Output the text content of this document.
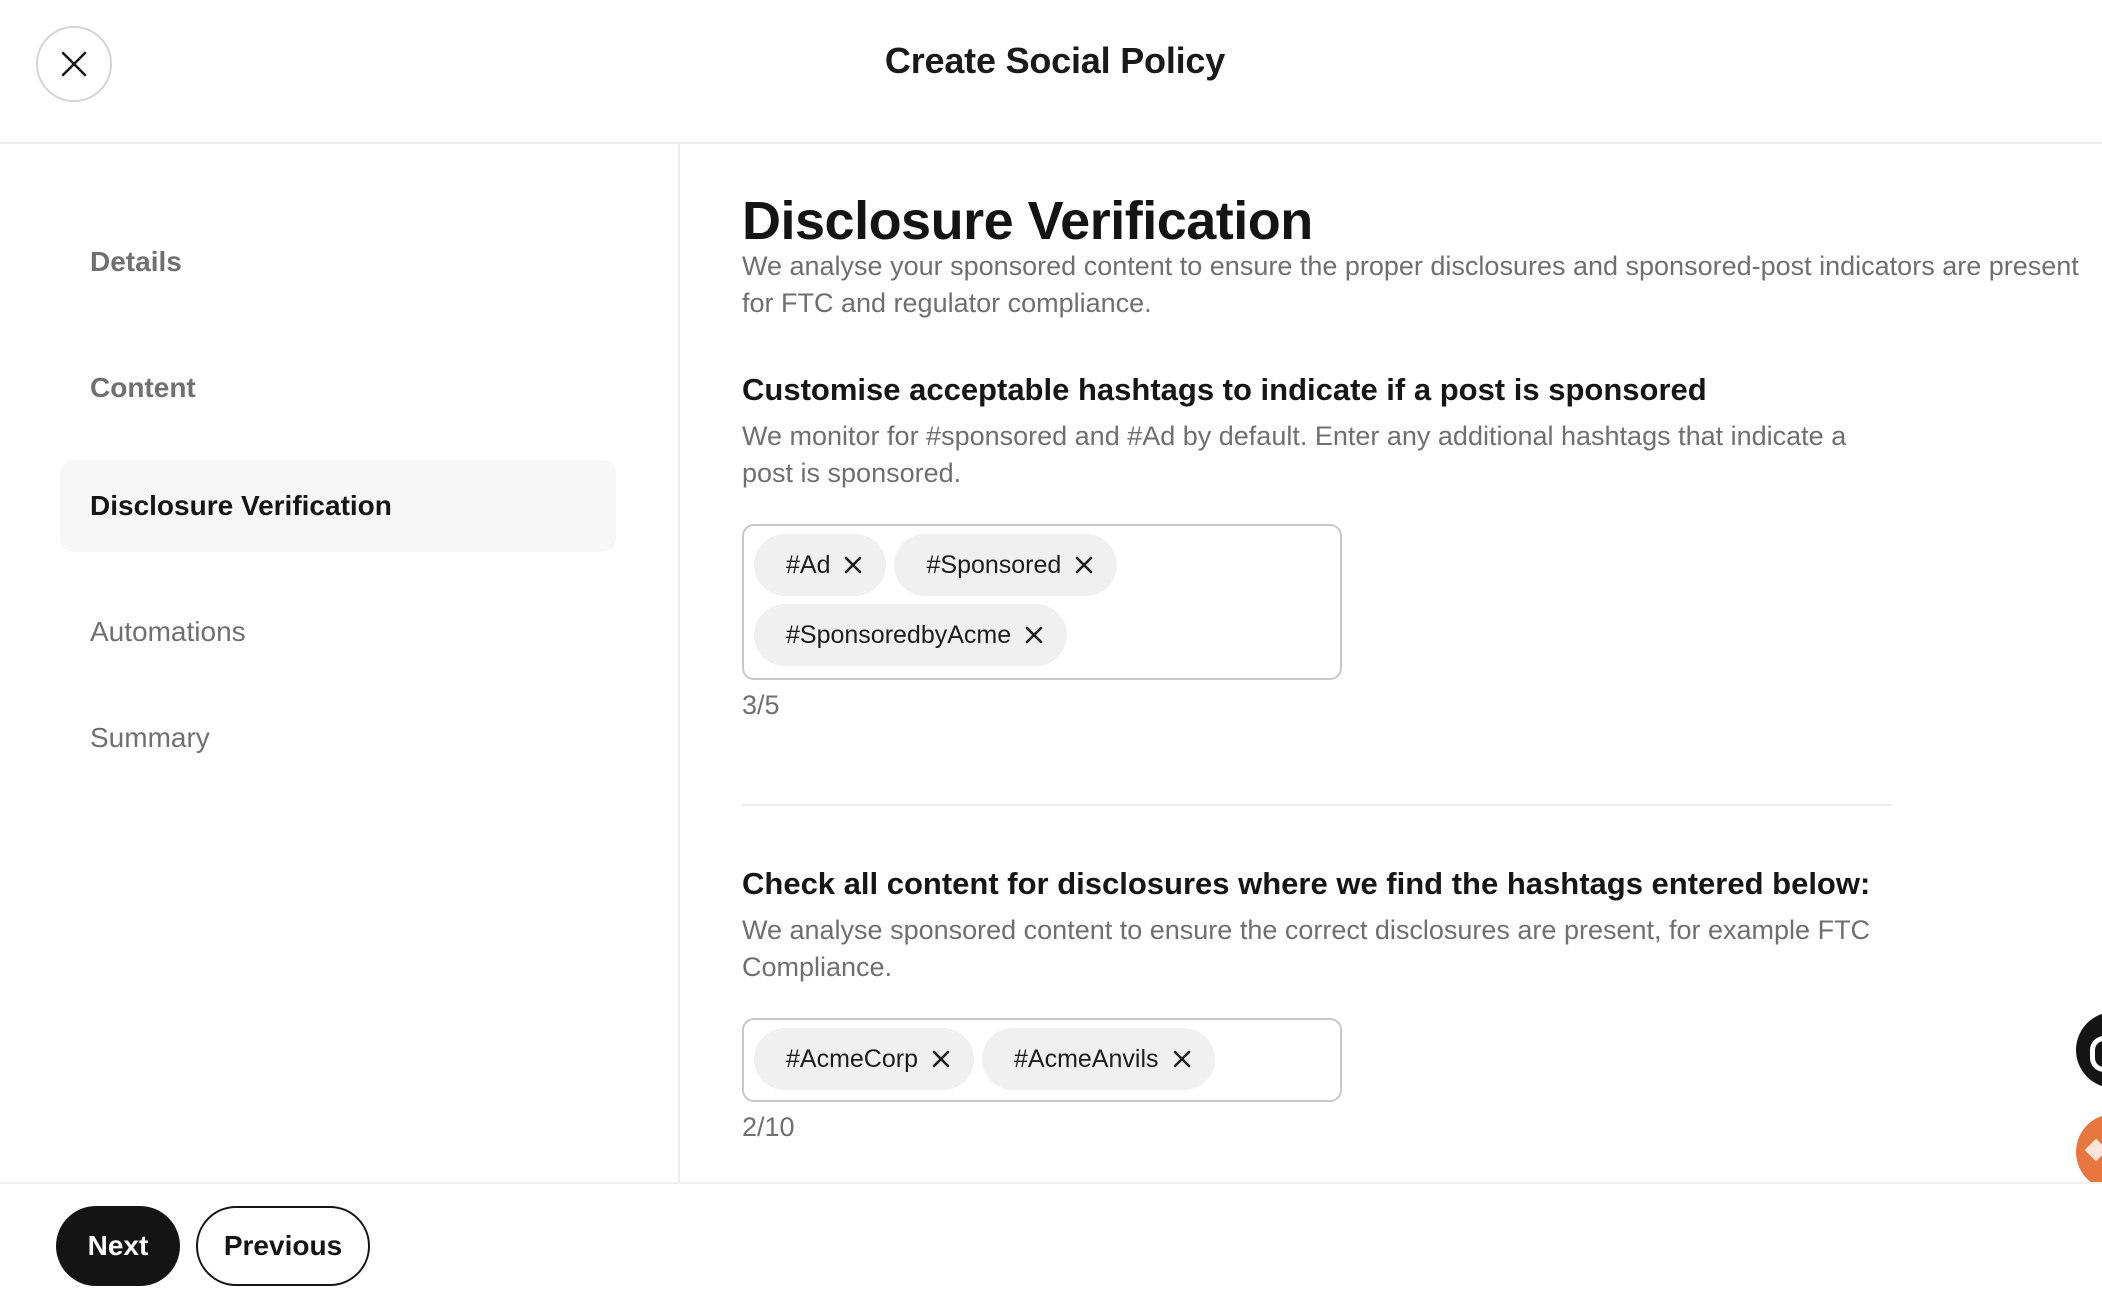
Create Social Policy
Details
Content
Disclosure Verification
Automations
Summary
Disclosure Verification
We analyse your sponsored content to ensure the proper disclosures and sponsored-post indicators are present for FTC and regulator compliance.
Customise acceptable hashtags to indicate if a post is sponsored
We monitor for #sponsored and #Ad by default. Enter any additional hashtags that indicate a post is sponsored.
#Ad	#Sponsored
#SponsoredbyAcme
3/5
Check all content for disclosures where we find the hashtags entered below:
We analyse sponsored content to ensure the correct disclosures are present, for example FTC Compliance.
#AcmeCorp	#AcmeAnvils
2/10
Next	Previous
